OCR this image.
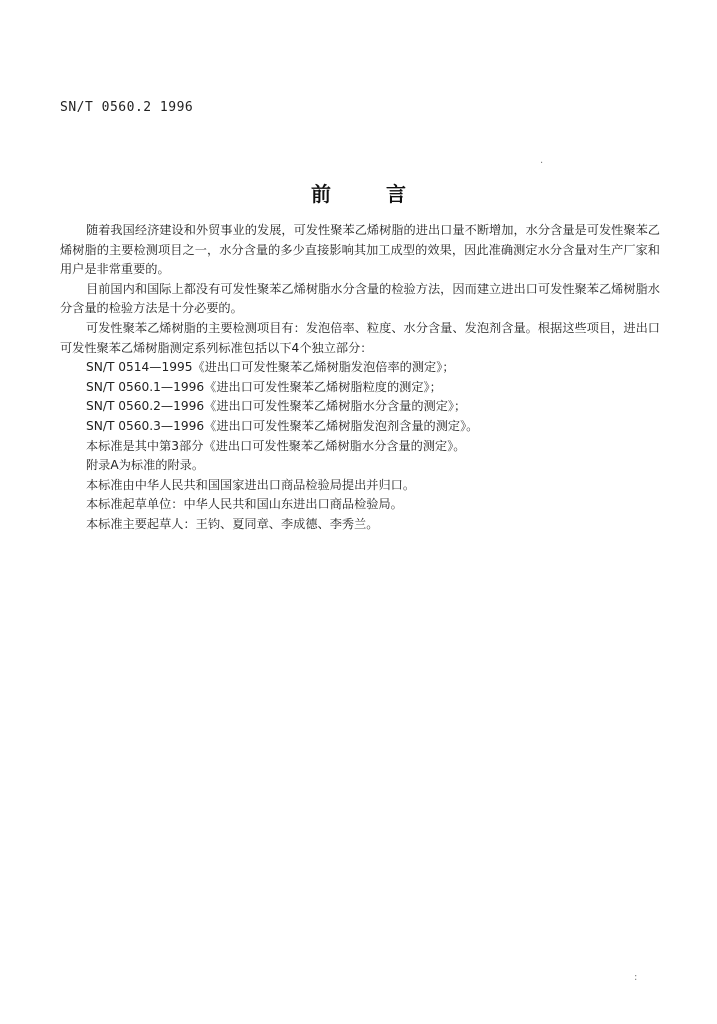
SN/T 0560.2 1996
前言

随着我国经济建设和外贸事业的发展，可发性聚苯乙烯树脂的进出口量不断增加，水分含量是可发性聚苯乙烯树脂的主要检测项目之一，水分含量的多少直接影响其加工成型的效果，因此准确测定水分含量对生产厂家和用户是非常重要的。

目前国内和国际上都没有可发性聚苯乙烯树脂水分含量的检验方法，因而建立进出口可发性聚苯乙烯树脂水分含量的检验方法是十分必要的。

可发性聚苯乙烯树脂的主要检测项目有：发泡倍率、粒度、水分含量、发泡剂含量。根据这些项目，进出口可发性聚苯乙烯树脂测定系列标准包括以下4个独立部分：

SN/T 0514—1995《进出口可发性聚苯乙烯树脂发泡倍率的测定》；

SN/T 0560.1—1996《进出口可发性聚苯乙烯树脂粒度的测定》；

SN/T 0560.2—1996《进出口可发性聚苯乙烯树脂水分含量的测定》；

SN/T 0560.3—1996《进出口可发性聚苯乙烯树脂发泡剂含量的测定》。

本标准是其中第3部分《进出口可发性聚苯乙烯树脂水分含量的测定》。

附录A为标准的附录。

本标准由中华人民共和国国家进出口商品检验局提出并归口。

本标准起草单位：中华人民共和国山东进出口商品检验局。

本标准主要起草人：王钧、夏同章、李成德、李秀兰。

·
:
